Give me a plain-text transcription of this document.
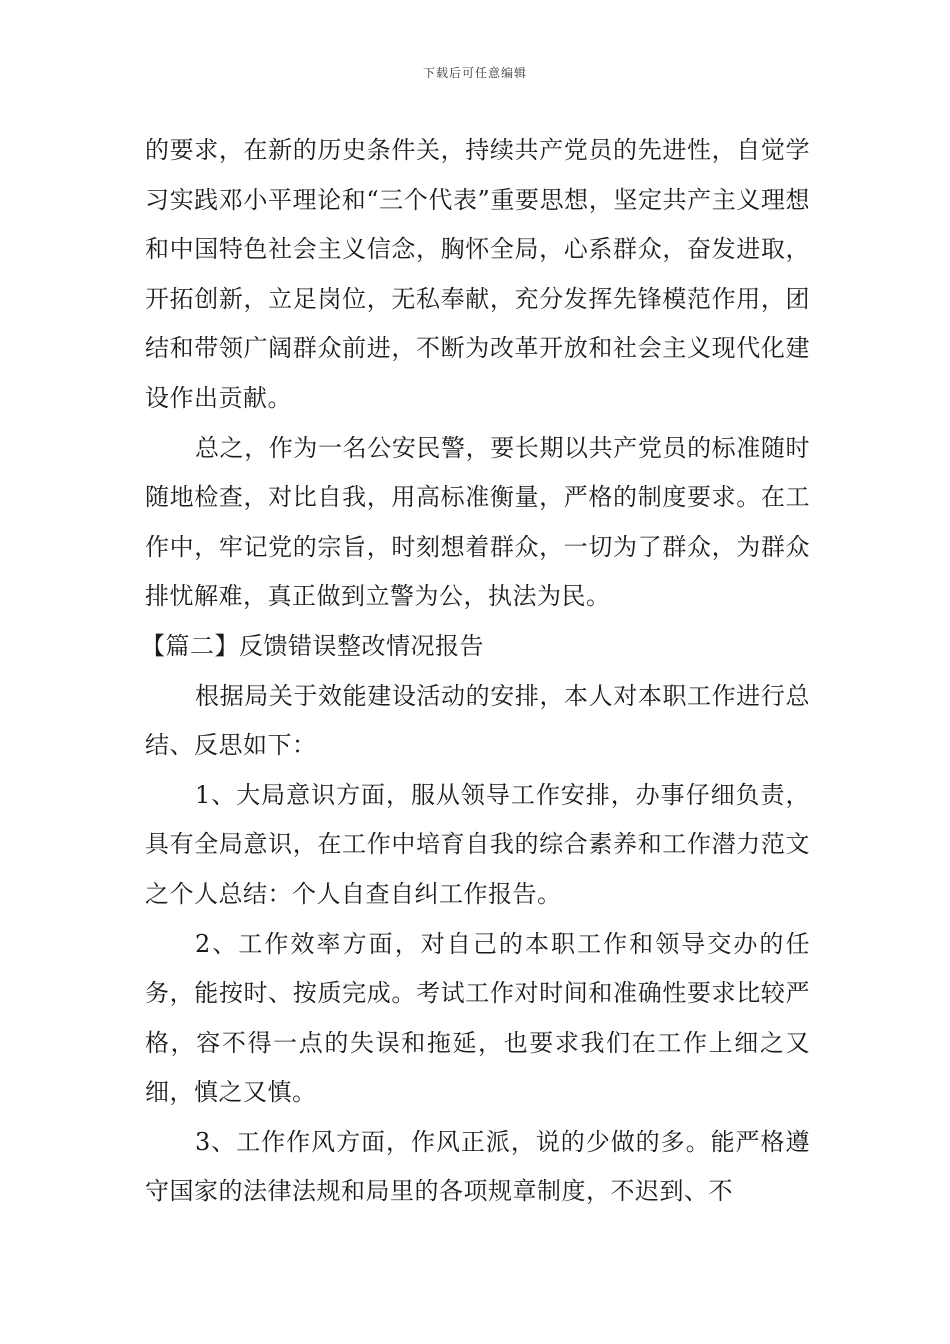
下载后可任意编辑

的要求，在新的历史条件关，持续共产党员的先进性，自觉学习实践邓小平理论和“三个代表”重要思想，坚定共产主义理想和中国特色社会主义信念，胸怀全局，心系群众，奋发进取，开拓创新，立足岗位，无私奉献，充分发挥先锋模范作用，团结和带领广阔群众前进，不断为改革开放和社会主义现代化建设作出贡献。

总之，作为一名公安民警，要长期以共产党员的标准随时随地检查，对比自我，用高标准衡量，严格的制度要求。在工作中，牢记党的宗旨，时刻想着群众，一切为了群众，为群众排忧解难，真正做到立警为公，执法为民。

【篇二】反馈错误整改情况报告

根据局关于效能建设活动的安排，本人对本职工作进行总结、反思如下：

1、大局意识方面，服从领导工作安排，办事仔细负责，具有全局意识，在工作中培育自我的综合素养和工作潜力范文之个人总结：个人自查自纠工作报告。

2、工作效率方面，对自己的本职工作和领导交办的任务，能按时、按质完成。考试工作对时间和准确性要求比较严格，容不得一点的失误和拖延，也要求我们在工作上细之又细，慎之又慎。

3、工作作风方面，作风正派，说的少做的多。能严格遵守国家的法律法规和局里的各项规章制度，不迟到、不
